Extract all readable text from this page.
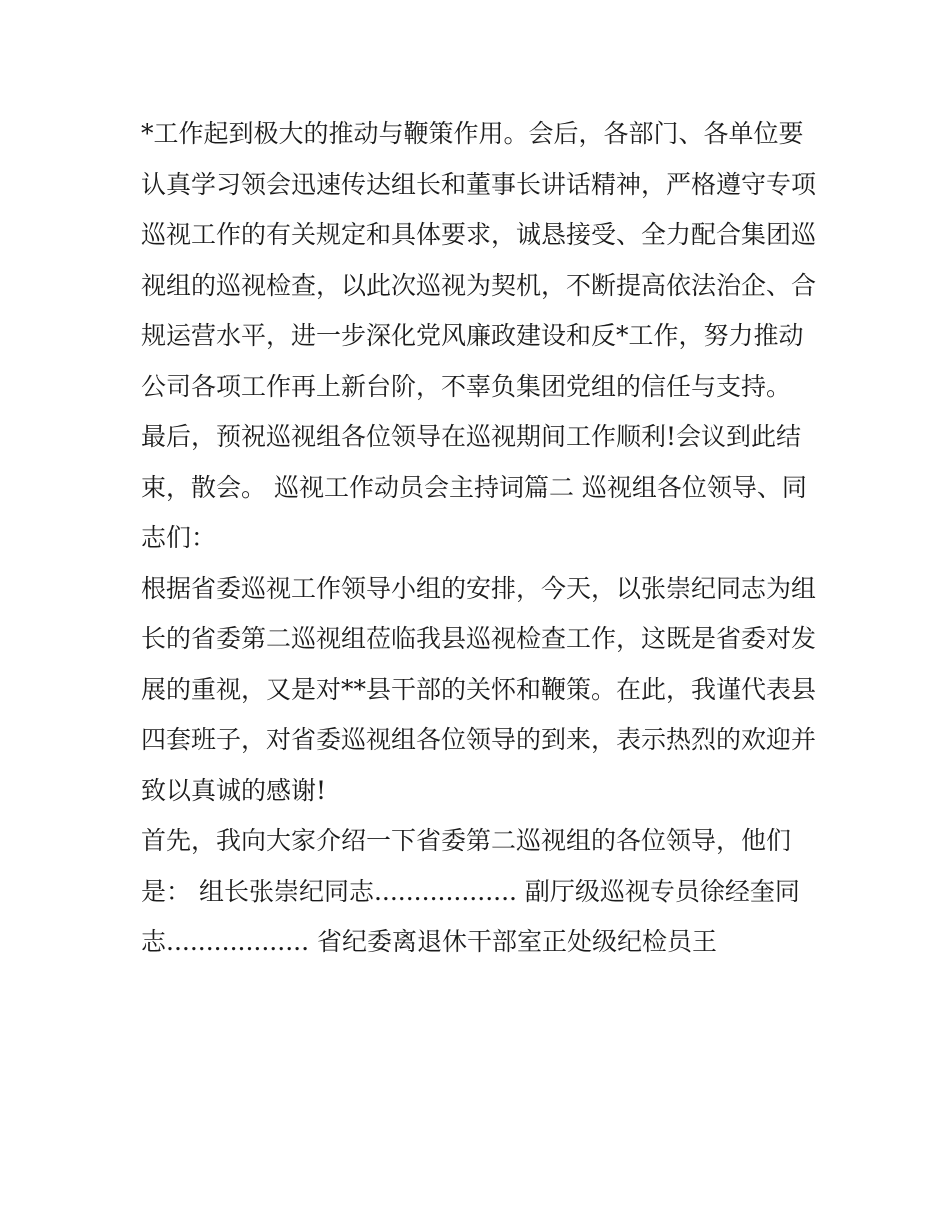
*工作起到极大的推动与鞭策作用。会后，各部门、各单位要
认真学习领会迅速传达组长和董事长讲话精神，严格遵守专项
巡视工作的有关规定和具体要求，诚恳接受、全力配合集团巡
视组的巡视检查，以此次巡视为契机，不断提高依法治企、合
规运营水平，进一步深化党风廉政建设和反*工作，努力推动
公司各项工作再上新台阶，不辜负集团党组的信任与支持。
最后，预祝巡视组各位领导在巡视期间工作顺利!会议到此结
束，散会。 巡视工作动员会主持词篇二 巡视组各位领导、同
志们：
根据省委巡视工作领导小组的安排，今天，以张崇纪同志为组
长的省委第二巡视组莅临我县巡视检查工作，这既是省委对发
展的重视，又是对**县干部的关怀和鞭策。在此，我谨代表县
四套班子，对省委巡视组各位领导的到来，表示热烈的欢迎并
致以真诚的感谢!
首先，我向大家介绍一下省委第二巡视组的各位领导，他们
是： 组长张崇纪同志.................. 副厅级巡视专员徐经奎同
志.................. 省纪委离退休干部室正处级纪检员王
